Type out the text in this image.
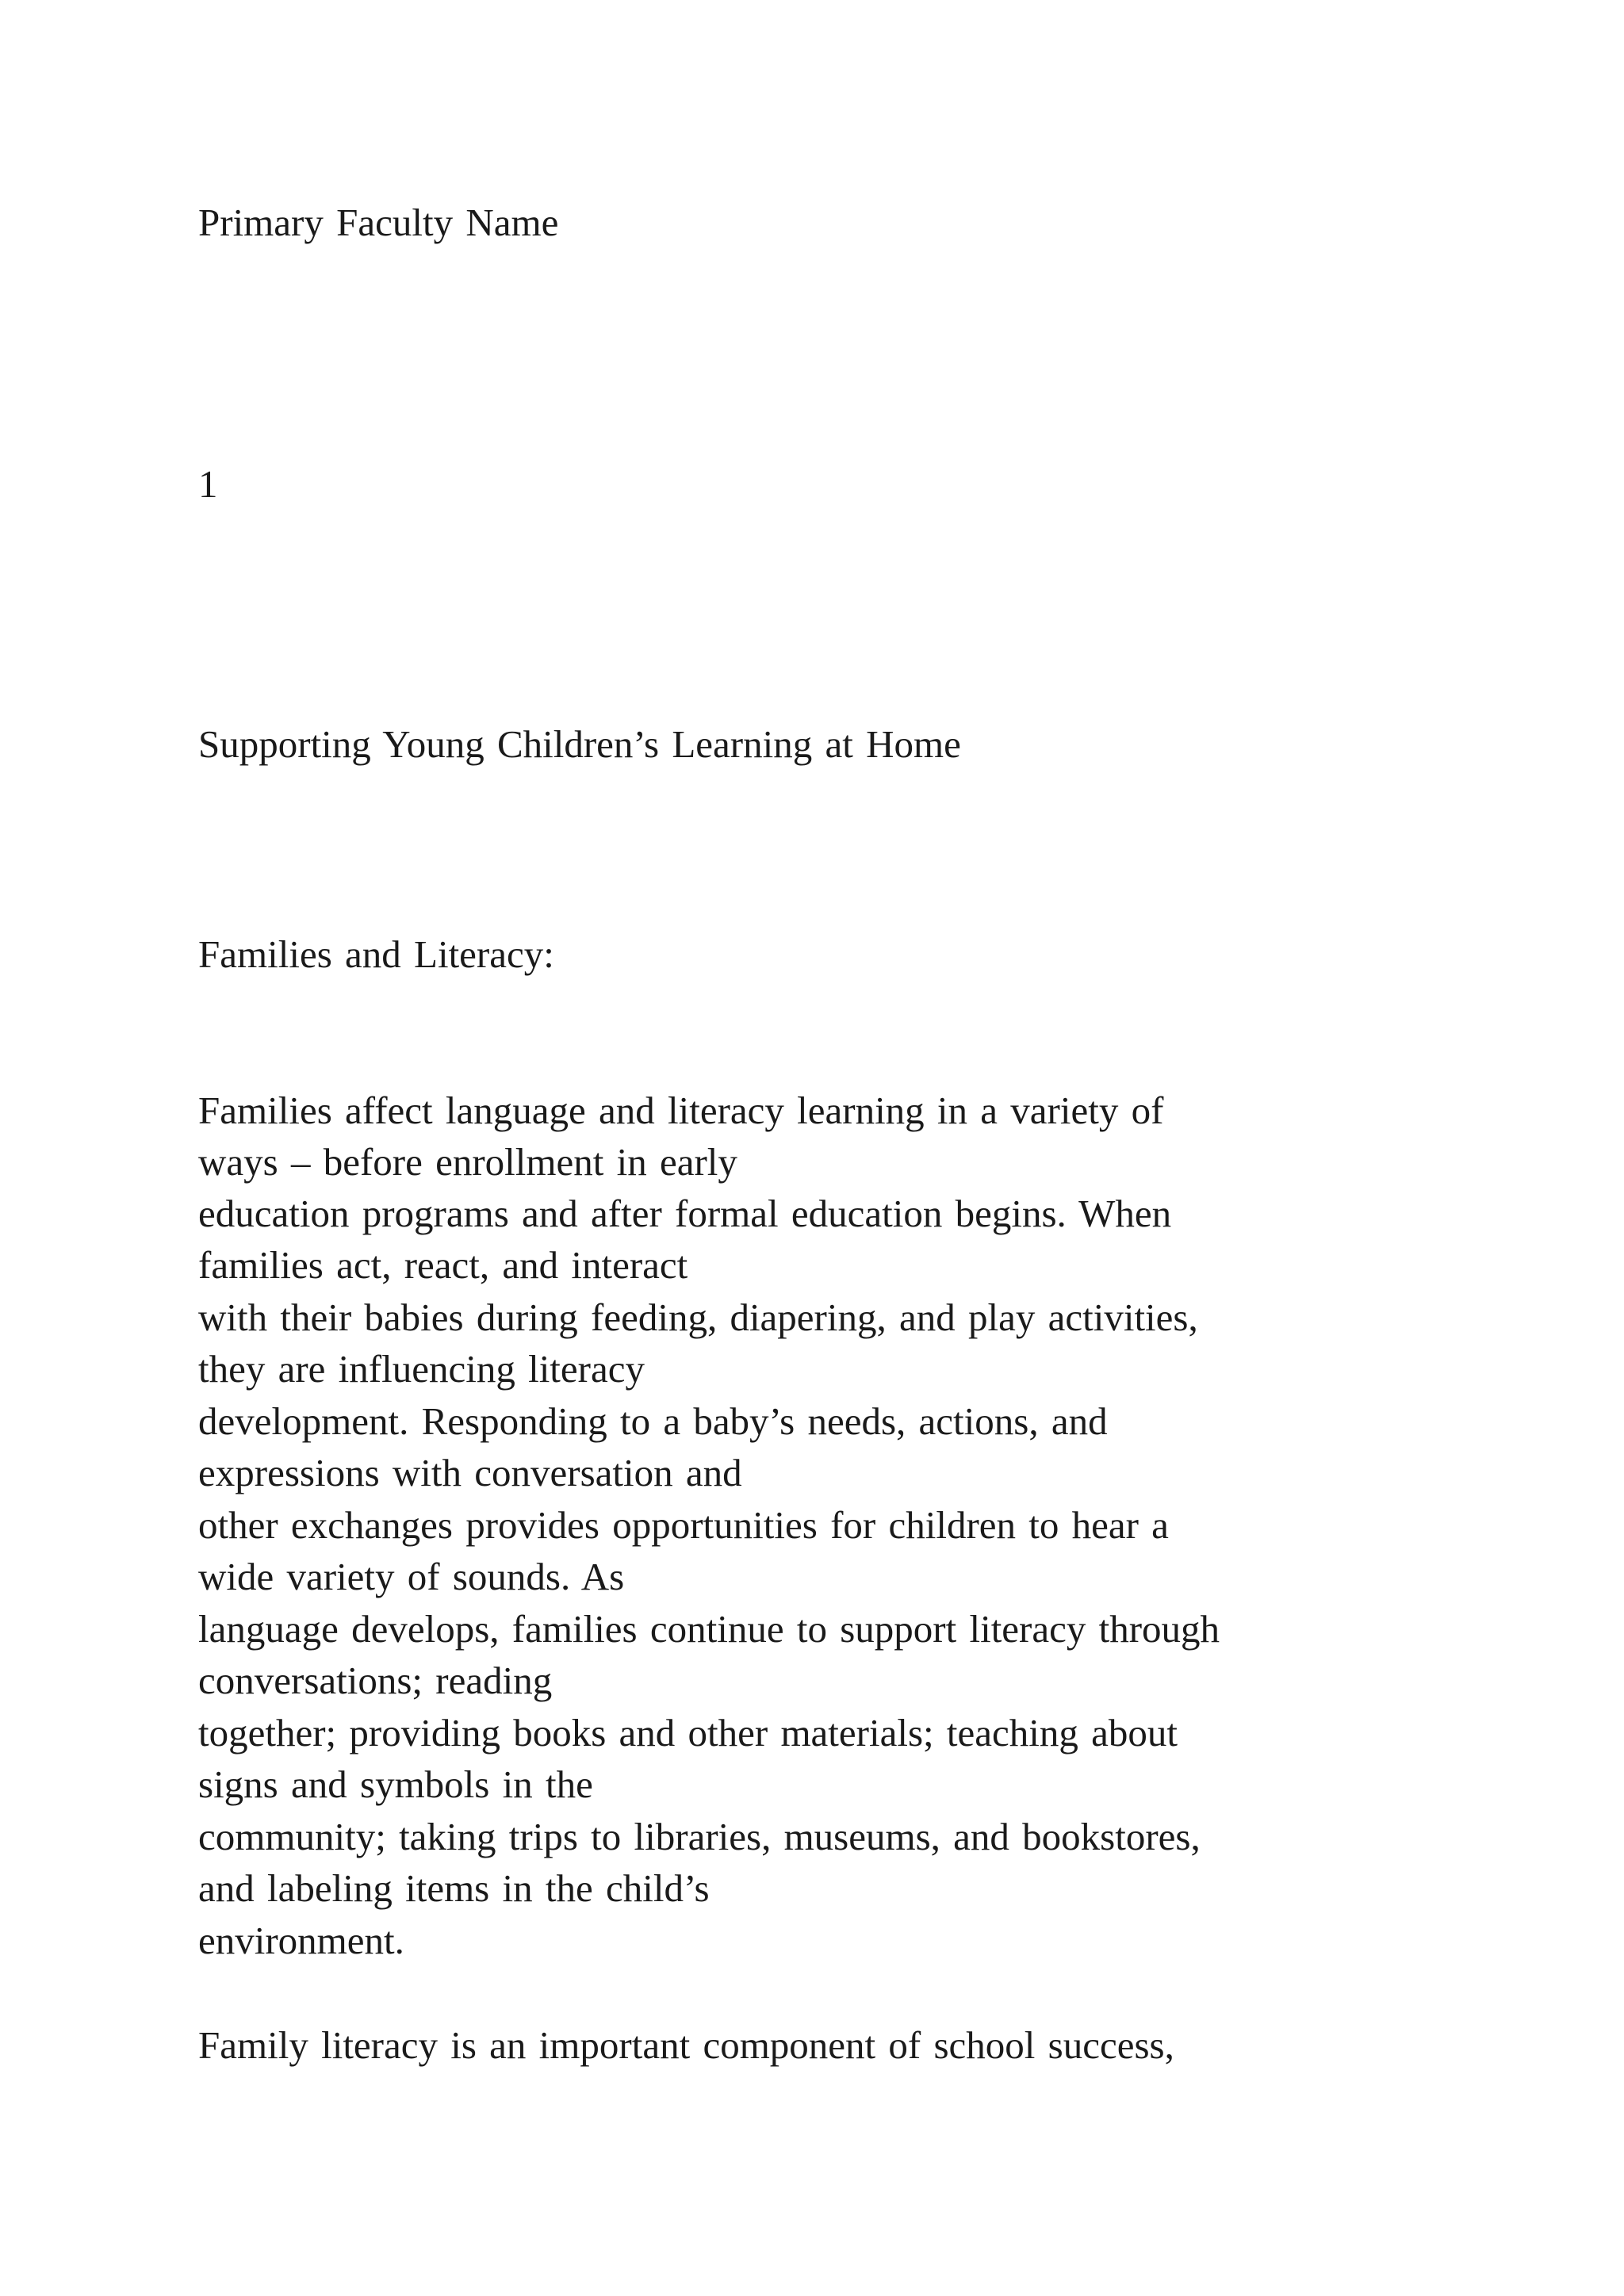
Primary Faculty Name

1

Supporting Young Children’s Learning at Home

Families and Literacy:

Families affect language and literacy learning in a variety of

ways – before enrollment in early

education programs and after formal education begins. When

families act, react, and interact

with their babies during feeding, diapering, and play activities,

they are influencing literacy

development. Responding to a baby’s needs, actions, and

expressions with conversation and

other exchanges provides opportunities for children to hear a

wide variety of sounds. As

language develops, families continue to support literacy through

conversations; reading

together; providing books and other materials; teaching about

signs and symbols in the

community; taking trips to libraries, museums, and bookstores,

and labeling items in the child’s

environment.

Family literacy is an important component of school success,
